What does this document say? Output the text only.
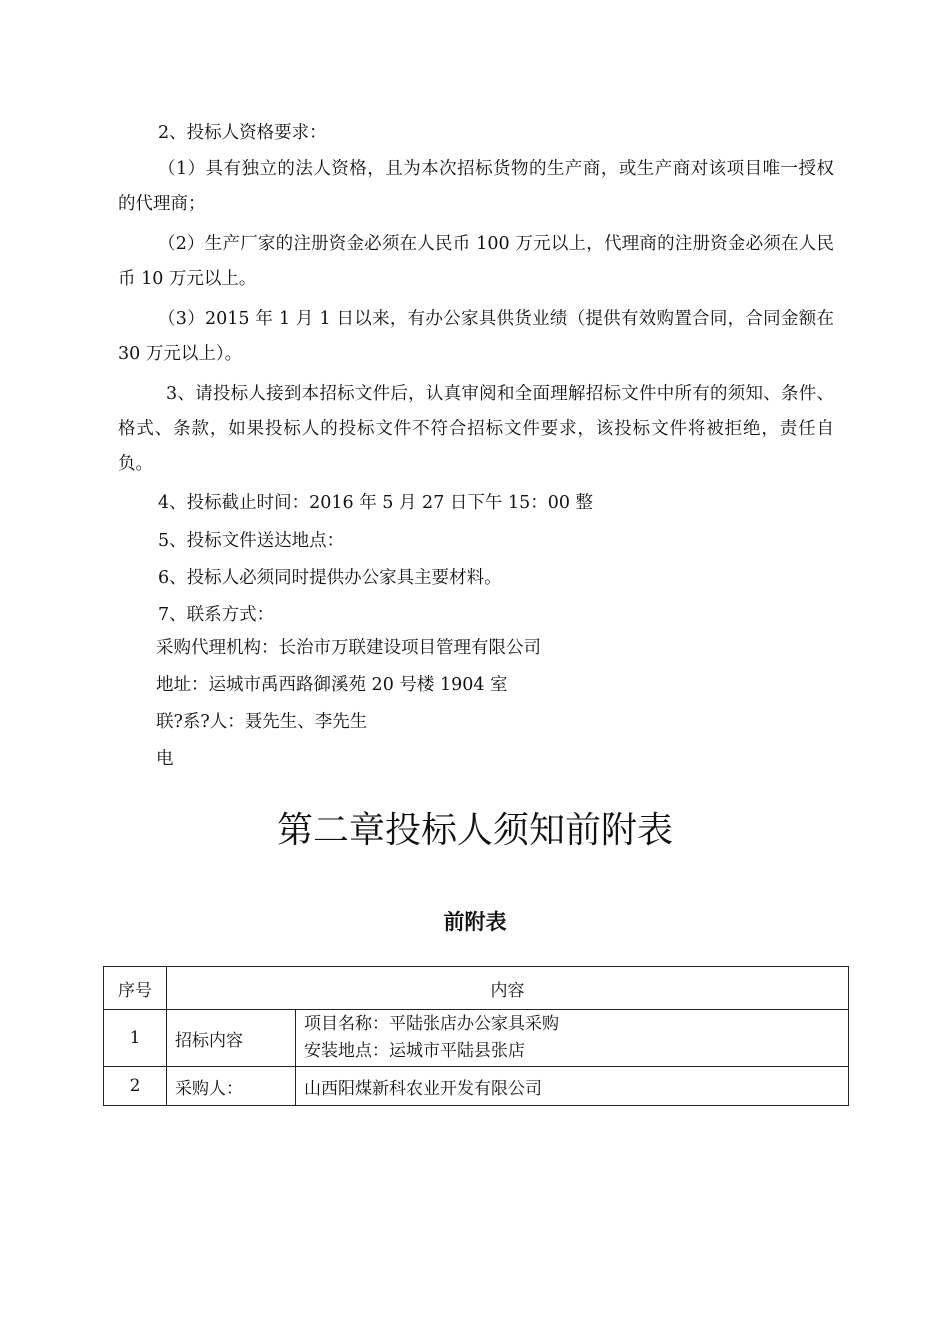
2、投标人资格要求：

（1）具有独立的法人资格，且为本次招标货物的生产商，或生产商对该项目唯一授权的代理商；

（2）生产厂家的注册资金必须在人民币 100 万元以上，代理商的注册资金必须在人民币 10 万元以上。

（3）2015 年 1 月 1 日以来，有办公家具供货业绩（提供有效购置合同，合同金额在 30 万元以上）。

3、请投标人接到本招标文件后，认真审阅和全面理解招标文件中所有的须知、条件、格式、条款，如果投标人的投标文件不符合招标文件要求，该投标文件将被拒绝，责任自负。

4、投标截止时间：2016 年 5 月 27 日下午 15：00 整

5、投标文件送达地点：

6、投标人必须同时提供办公家具主要材料。

7、联系方式：

采购代理机构：长治市万联建设项目管理有限公司

地址：运城市禹西路御溪苑 20 号楼 1904 室

联?系?人：聂先生、李先生

电

第二章投标人须知前附表
前附表
序号	内容	
1	招标内容	项目名称：平陆张店办公家具采购
安装地点：运城市平陆县张店

2	采购人：	山西阳煤新科农业开发有限公司
